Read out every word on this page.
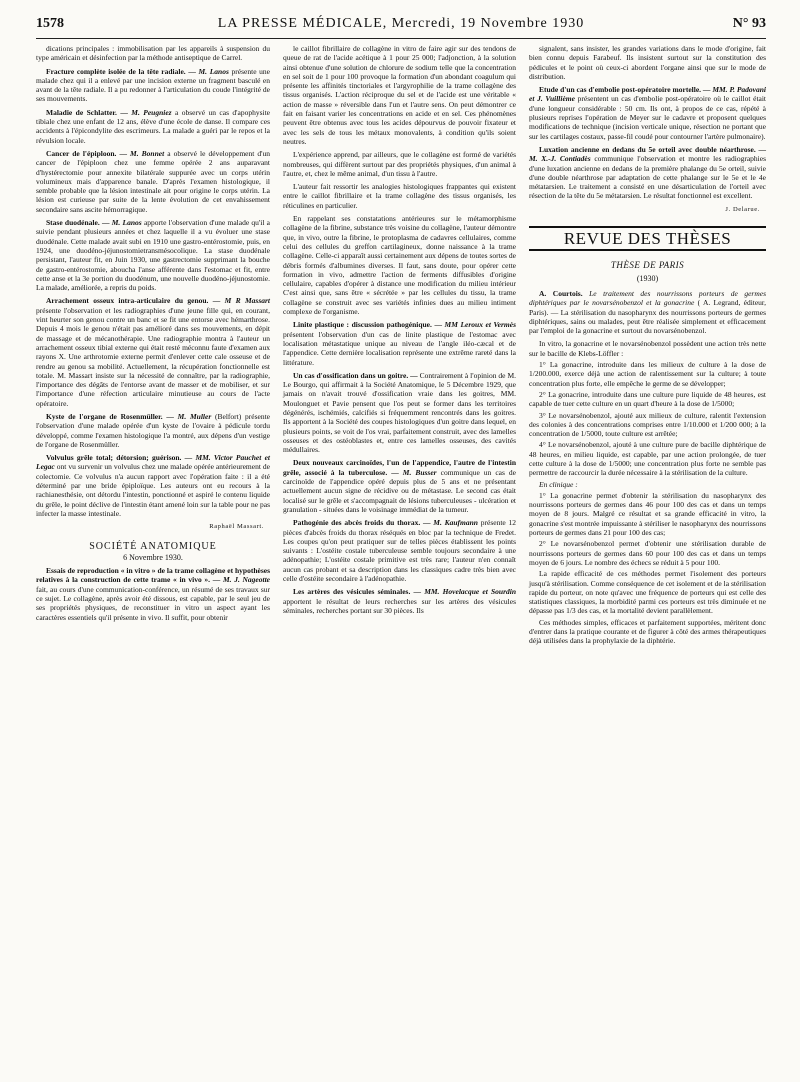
1578	LA PRESSE MÉDICALE, Mercredi, 19 Novembre 1930	N° 93

dications principales : immobilisation par les appareils à suspension du type américain et désinfection par la méthode antiseptique de Carrel.

Fracture complète isolée de la tête radiale. — M. Lanos présente une malade chez qui il a enlevé par une incision externe un fragment basculé en avant de la tête radiale. Il a pu redonner à l'articulation du coude l'intégrité de ses mouvements.

Maladie de Schlatter. — M. Peugniez a observé un cas d'apophysite tibiale chez une enfant de 12 ans, élève d'une école de danse. Il compare ces accidents à l'épicondylite des escrimeurs. La malade a guéri par le repos et la révulsion locale.

Cancer de l'épiploon. — M. Bonnet a observé le développement d'un cancer de l'épiploon chez une femme opérée 2 ans auparavant d'hystérectomie pour annexite bilatérale suppurée avec un corps utérin volumineux mais d'apparence banale. D'après l'examen histologique, il semble probable que la lésion intestinale ait pour origine le corps utérin. La lésion est curieuse par suite de la lente évolution de cet envahissement secondaire sans ascite hémorragique.

Stase duodénale. — M. Lanos apporte l'observation d'une malade qu'il a suivie pendant plusieurs années et chez laquelle il a vu évoluer une stase duodénale. Cette malade avait subi en 1910 une gastro-entérostomie, puis, en 1924, une duodéno-jéjunostomietransmésocolique. La stase duodénale persistant, l'auteur fit, en Juin 1930, une gastrectomie supprimant la bouche de gastro-entérostomie, abouchа l'anse afférente dans l'estomac et fit, entre cette anse et la 3e portion du duodénum, une nouvelle duodéno-jéjunostomie. La malade, améliorée, a repris du poids.

Arrachement osseux intra-articulaire du genou. — M R Massart présente l'observation et les radiographies d'une jeune fille qui, en courant, vint heurter son genou contre un banc et se fit une entorse avec hémarthrose. Depuis 4 mois le genou n'était pas amélioré dans ses mouvements, en dépit de massage et de mécanothérapie. Une radiographie montra à l'auteur un arrachement osseux tibial externe qui était resté méconnu faute d'examen aux rayons X. Une arthrotomie externe permit d'enlever cette cale osseuse et de rendre au genou sa mobilité. Actuellement, la récupération fonctionnelle est totale. M. Massart insiste sur la nécessité de connaître, par la radiographie, l'importance des dégâts de l'entorse avant de masser et de mobiliser, et sur l'importance d'une réfection articulaire minutieuse au cours de l'acte opératoire.

Kyste de l'organe de Rosenmüller. — M. Muller (Belfort) présente l'observation d'une malade opérée d'un kyste de l'ovaire à pédicule tordu développé, comme l'examen histologique l'a montré, aux dépens d'un vestige de l'organe de Rosenmüller.

Volvulus grêle total; détorsion; guérison. — MM. Victor Pauchet et Legac ont vu survenir un volvulus chez une malade opérée antérieurement de colectomie. Ce volvulus n'a aucun rapport avec l'opération faite : il a été déterminé par une bride épiploïque. Les auteurs ont eu recours à la rachianesthésie, ont détordu l'intestin, ponctionné et aspiré le contenu liquide du grêle, le point déclive de l'intestin étant amené loin sur la table pour ne pas infecter la masse intestinale.

Raphaël Massart.
SOCIÉTÉ ANATOMIQUE
6 Novembre 1930.

Essais de reproduction « in vitro » de la trame collagène et hypothèses relatives à la construction de cette trame « in vivo ». — M. J. Nageotte fait, au cours d'une communication-conférence, un résumé de ses travaux sur ce sujet. Le collagène, après avoir été dissous, est capable, par le seul jeu de ses propriétés physiques, de reconstituer in vitro un aspect ayant les caractères essentiels qu'il présente in vivo. Il suffit, pour obtenir

le caillot fibrillaire de collagène in vitro de faire agir sur des tendons de queue de rat de l'acide acétique à 1 pour 25 000; l'adjonction, à la solution ainsi obtenue d'une solution de chlorure de sodium telle que la concentration en sel soit de 1 pour 100 provoque la formation d'un abondant coagulum qui présente les affinités tinctoriales et l'argyrophilie de la trame collagène des tissus organisés. L'action réciproque du sel et de l'acide est une véritable « action de masse » réversible dans l'un et l'autre sens. On peut démontrer ce fait en faisant varier les concentrations en acide et en sel. Ces phénomènes peuvent être obtenus avec tous les acides dépourvus de pouvoir fixateur et avec les sels de tous les métaux monovalents, à condition qu'ils soient neutres.

L'expérience apprend, par ailleurs, que le collagène est formé de variétés nombreuses, qui diffèrent surtout par des propriétés physiques, d'un animal à l'autre, et, chez le même animal, d'un tissu à l'autre.

L'auteur fait ressortir les analogies histologiques frappantes qui existent entre le caillot fibrillaire et la trame collagène des tissus organisés, les réticulines en particulier.

En rappelant ses constatations antérieures sur le métamorphisme collagène de la fibrine, substance très voisine du collagène, l'auteur démontre que, in vivo, outre la fibrine, le protoplasma de cadavres cellulaires, comme celui des cellules du greffon cartilagineux, donne naissance à la trame collagène. Celle-ci apparaît aussi certainement aux dépens de toutes sortes de débris formés d'albumines diverses. Il faut, sans doute, pour opérer cette formation in vivo, admettre l'action de ferments diffusibles d'origine cellulaire, capables d'opérer à distance une modification du milieu intérieur C'est ainsi que, sans être « sécrétée » par les cellules du tissu, la trame collagène se construit avec ses variétés infinies dues au milieu intiment complexe de l'organisme.

Linite plastique : discussion pathogénique. — MM Leroux et Vermès présentent l'observation d'un cas de linite plastique de l'estomac avec localisation métastatique unique au niveau de l'angle iléo-cæcal et de l'appendice. Cette dernière localisation représente une extrême rareté dans la littérature.

Un cas d'ossification dans un goitre. — Contrairement à l'opinion de M. Le Bourgo, qui affirmait à la Société Anatomique, le 5 Décembre 1929, que jamais on n'avait trouvé d'ossification vraie dans les goitres, MM. Moulonguet et Pavie pensent que l'os peut se former dans les territoires dégénérés, ischémiés, calcifiés si fréquemment rencontrés dans les goitres. Ils apportent à la Société des coupes histologiques d'un goitre dans lequel, en plusieurs points, se voit de l'os vrai, parfaitement construit, avec des lamelles osseuses et des ostéoblastes et, entre ces lamelles osseuses, des cavités médullaires.

Deux nouveaux carcinoïdes, l'un de l'appendice, l'autre de l'intestin grêle, associé à la tuberculose. — M. Busser communique un cas de carcinoïde de l'appendice opéré depuis plus de 5 ans et ne présentant actuellement aucun signe de récidive ou de métastase. Le second cas était localisé sur le grêle et s'accompagnait de lésions tuberculeuses - ulcération et granulation - situées dans le voisinage immédiat de la tumeur.

Pathogénie des abcès froids du thorax. — M. Kaufmann présente 12 pièces d'abcès froids du thorax réséqués en bloc par la technique de Fredet. Les coupes qu'on peut pratiquer sur de telles pièces établissent les points suivants : L'ostéite costale tuberculeuse semble toujours secondaire à une adénopathie; L'ostéite costale primitive est très rare; l'auteur n'en connaît aucun cas probant et sa description dans les classiques cadre très bien avec celle d'ostéite secondaire à l'adénopathie.

Les artères des vésicules séminales. — MM. Hovelacque et Sourdin apportent le résultat de leurs recherches sur les artères des vésicules séminales, recherches portant sur 30 pièces. Ils

signalent, sans insister, les grandes variations dans le mode d'origine, fait bien connu depuis Farabeuf. Ils insistent surtout sur la constitution des pédicules et le point où ceux-ci abordent l'organe ainsi que sur le mode de distribution.

Etude d'un cas d'embolie post-opératoire mortelle. — MM. P. Padovani et J. Vuillième présentent un cas d'embolie post-opératoire où le caillot était d'une longueur considérable : 50 cm. Ils ont, à propos de ce cas, répété à plusieurs reprises l'opération de Meyer sur le cadavre et proposent quelques modifications de technique (incision verticale unique, résection ne portant que sur les cartilages costaux, passe-fil coudé pour contourner l'artère pulmonaire).

Luxation ancienne en dedans du 5e orteil avec double néarthrose. — M. X.-J. Contiadès communique l'observation et montre les radiographies d'une luxation ancienne en dedans de la première phalange du 5e orteil, suivie d'une double néarthrose par adaptation de cette phalange sur le 5e et le 4e métatarsien. Le traitement a consisté en une désarticulation de l'orteil avec résection de la tête du 5e métatarsien. Le résultat fonctionnel est excellent.

J. Delarue.
REVUE DES THÈSES
THÈSE DE PARIS
(1930)

A. Courtois. Le traitement des nourrissons porteurs de germes diphtériques par le novarsénobenzol et la gonacrine ( A. Legrand, éditeur, Paris). — La stérilisation du nasopharynx des nourrissons porteurs de germes diphtériques, sains ou malades, peut être réalisée simplement et efficacement par l'emploi de la gonacrine et surtout du novarsénobenzol.

In vitro, la gonacrine et le novarsénobenzol possèdent une action très nette sur le bacille de Klebs-Löffler :

1° La gonacrine, introduite dans les milieux de culture à la dose de 1/200.000, exerce déjà une action de ralentissement sur la culture; à toute concentration plus forte, elle empêche le germe de se développer;

2° La gonacrine, introduite dans une culture pure liquide de 48 heures, est capable de tuer cette culture en un quart d'heure à la dose de 1/5000;

3° Le novarsénobenzol, ajouté aux milieux de culture, ralentit l'extension des colonies à des concentrations comprises entre 1/10.000 et 1/200 000; à la concentration de 1/5000, toute culture est arrêtée;

4° Le novarsénobenzol, ajouté à une culture pure de bacille diphtérique de 48 heures, en milieu liquide, est capable, par une action prolongée, de tuer cette culture à la dose de 1/5000; une concentration plus forte ne semble pas permettre de raccourcir la durée nécessaire à la stérilisation de la culture.

En clinique :

1° La gonacrine permet d'obtenir la stérilisation du nasopharynx des nourrissons porteurs de germes dans 46 pour 100 des cas et dans un temps moyen de 8 jours. Malgré ce résultat et sa grande efficacité in vitro, la gonacrine s'est montrée impuissante à stériliser le nasopharynx des nourrissons porteurs de germes dans 21 pour 100 des cas;

2° Le novarsénobenzol permet d'obtenir une stérilisation durable de nourrissons porteurs de germes dans 60 pour 100 des cas et dans un temps moyen de 6 jours. Le nombre des échecs se réduit à 5 pour 100.

La rapide efficacité de ces méthodes permet l'isolement des porteurs jusqu'à stérilisation. Comme conséquence de cet isolement et de la stérilisation rapide du porteur, on note qu'avec une fréquence de porteurs qui est celle des statistiques classiques, la morbidité parmi ces porteurs est très diminuée et ne dépasse pas 1/3 des cas, et la mortalité devient parallèlement.

Ces méthodes simples, efficaces et parfaitement supportées, méritent donc d'entrer dans la pratique courante et de figurer à côté des armes thérapeutiques déjà utilisées dans la prophylaxie de la diphtérie.
